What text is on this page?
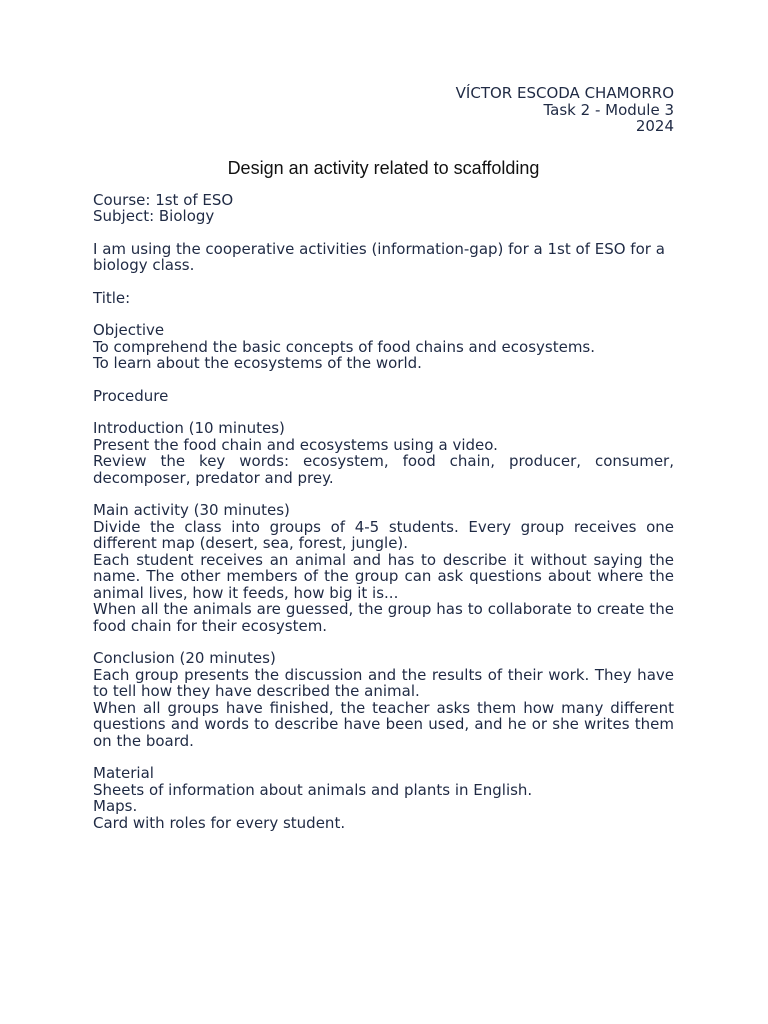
VÍCTOR ESCODA CHAMORRO
Task 2 - Module 3
2024
Design an activity related to scaffolding
Course: 1st of ESO
Subject: Biology
I am using the cooperative activities (information-gap) for a 1st of ESO for a biology class.
Title:
Objective
To comprehend the basic concepts of food chains and ecosystems.
To learn about the ecosystems of the world.
Procedure
Introduction (10 minutes)
Present the food chain and ecosystems using a video.
Review the key words: ecosystem, food chain, producer, consumer, decomposer, predator and prey.
Main activity (30 minutes)
Divide the class into groups of 4-5 students. Every group receives one different map (desert, sea, forest, jungle).
Each student receives an animal and has to describe it without saying the name. The other members of the group can ask questions about where the animal lives, how it feeds, how big it is...
When all the animals are guessed, the group has to collaborate to create the food chain for their ecosystem.
Conclusion (20 minutes)
Each group presents the discussion and the results of their work. They have to tell how they have described the animal.
When all groups have finished, the teacher asks them how many different questions and words to describe have been used, and he or she writes them on the board.
Material
Sheets of information about animals and plants in English.
Maps.
Card with roles for every student.
